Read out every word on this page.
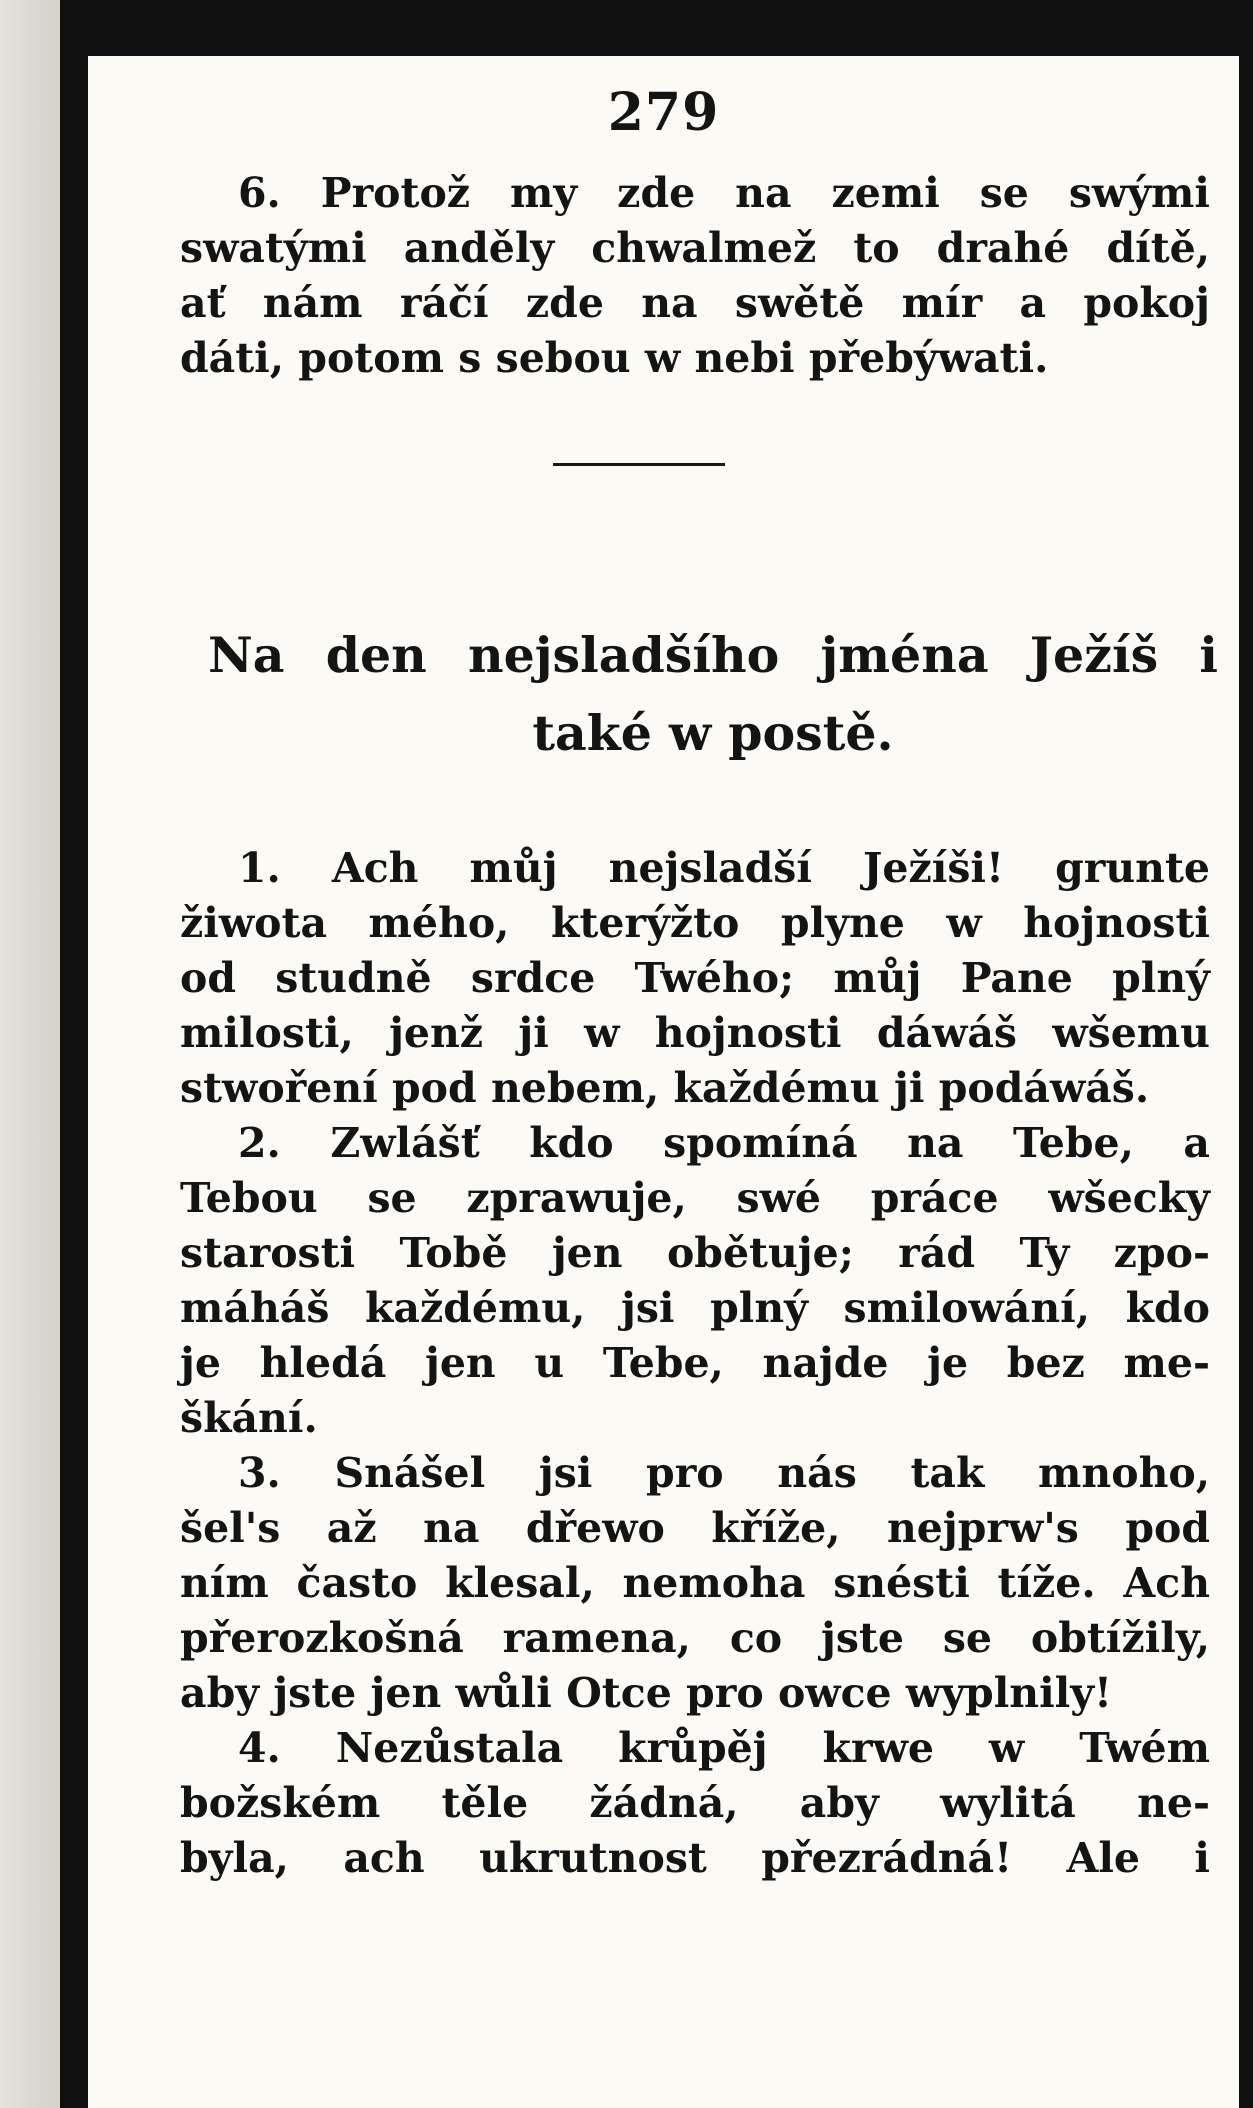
279
6. Protož my zde na zemi se swými
swatými anděly chwalmež to drahé dítě,
ať nám ráčí zde na swětě mír a pokoj
dáti, potom s sebou w nebi přebýwati.
Na den nejsladšího jména Ježíš i
také w postě.
1. Ach můj nejsladší Ježíši! grunte
žiwota mého, kterýžto plyne w hojnosti
od studně srdce Twého; můj Pane plný
milosti, jenž ji w hojnosti dáwáš wšemu
stwoření pod nebem, každému ji podáwáš.
2. Zwlášť kdo spomíná na Tebe, a
Tebou se zprawuje, swé práce wšecky
starosti Tobě jen obětuje; rád Ty zpo-
máháš každému, jsi plný smilowání, kdo
je hledá jen u Tebe, najde je bez me-
škání.
3. Snášel jsi pro nás tak mnoho,
šel's až na dřewo kříže, nejprw's pod
ním často klesal, nemoha snésti tíže. Ach
přerozkošná ramena, co jste se obtížily,
aby jste jen wůli Otce pro owce wyplnily!
4. Nezůstala krůpěj krwe w Twém
božském těle žádná, aby wylitá ne-
byla, ach ukrutnost přezrádná! Ale i
